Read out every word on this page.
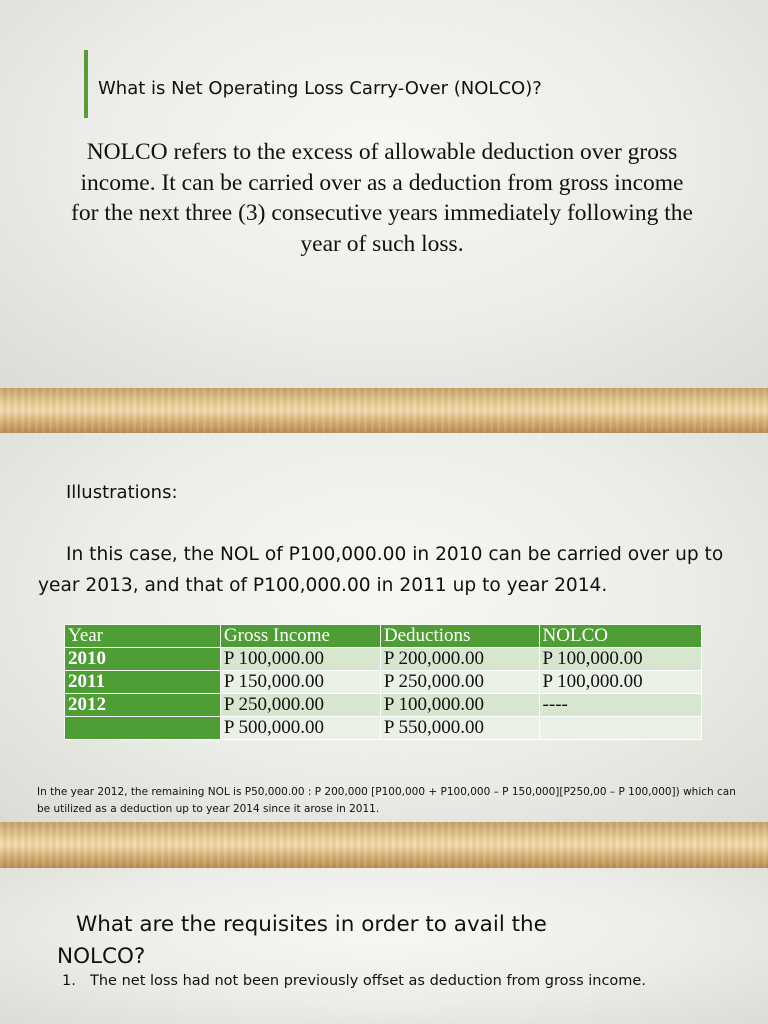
What is Net Operating Loss Carry-Over (NOLCO)?
NOLCO refers to the excess of allowable deduction over gross income. It can be carried over as a deduction from gross income for the next three (3) consecutive years immediately following the year of such loss.
Illustrations:
In this case, the NOL of P100,000.00 in 2010 can be carried over up to year 2013, and that of P100,000.00 in 2011 up to year 2014.
Year	Gross Income	Deductions	NOLCO
2010	P 100,000.00	P 200,000.00	P 100,000.00
2011	P 150,000.00	P 250,000.00	P 100,000.00
2012	P 250,000.00	P 100,000.00	----
	P 500,000.00	P 550,000.00	
In the year 2012, the remaining NOL is P50,000.00 : P 200,000 [P100,000 + P100,000 – P 150,000][P250,00 – P 100,000]) which can be utilized as a deduction up to year 2014 since it arose in 2011.
What are the requisites in order to avail the NOLCO?
1. The net loss had not been previously offset as deduction from gross income.
